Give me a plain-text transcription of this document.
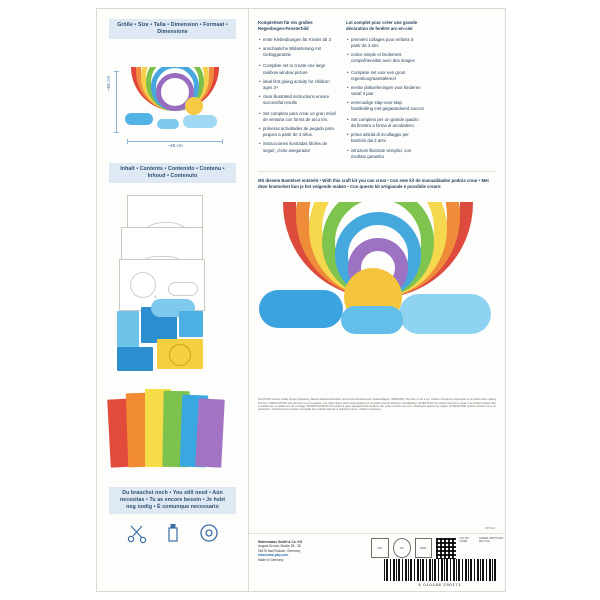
Größe • Size • Talla • Dimension • Formaat • Dimensione
~56 cm
~48 cm
Inhalt • Contents • Contenido • Contenu • Inhoud • Contenuto
A
Du brauchst noch • You still need • Aún necesitas • Tu as encore besoin • Je hebt nog nodig • È comunque necessario

Komplettset für ein großes Regenbogen-Fensterbild

• erste Klebeübungen für Kinder ab 3
• anschauliche Bildanleitung mit Gelinggarantie
• Complete set to create one large rainbow window picture
• ideal first gluing activity for children ages 3+
• clear illustrated instructions ensure successful results
• Set completo para crear un gran móvil de ventana con forma de arco iris.
• primeras actividades de pegado para peques a partir de 3 años.
• instrucciones ilustradas fáciles de seguir, ¡éxito asegurado!

Lot complet pour créer une grande décoration de fenêtre arc-en-ciel

• premiers collages pour enfants à partir de 3 ans
• notice simple et facilement compréhensible avec des images
• Complete set voor een groot regenboograamtafereel
• eerste plakoefeningen voor kinderen vanaf 3 jaar
• eenvoudige stap-voor-stap handleiding met gegarandeerd succes
• Set completo per un grande quadro da finestra a forma di arcobaleno
• prima attività di incollaggio per bambini dai 3 anni
• istruzioni illustrate semplici, con risultato garantito
Mit diesem Bastelset entsteht • With this craft kit you can creat • Con este kit de manualidades podrás crear • Met deze knutselset kun je het volgende maken • Con questo kit artigianale è possibile creare:
ACHTUNG! Dieses Artikel ist kein Spielzeug. Bauteil leitet/wird Bestehn durch einen Erwachsenen beaufschlagen. WARNING! This item is not a toy. Children should be supervised by an adult when making this item. PRECAUTION! este artículo no es un juguete. Los niños deben estar supervisados por un adulto cuando fabrican manualidades. ATTENTION! Cet article n'est pas un jouet. Les enfants doivent être surveillés par un adulte lors du montage. WAARSCHUWING! Dit artikel is geen speelgoed! De kinderen zijn onder toezicht van een volwassene tijdens het maken. ATTENZIONE! Questo articolo non è un giocattolo. I bambini devono essere sorvegliati da un adulto quando si realizza il pezzo. • Made in Germany
1572/22
Habermaass GmbH & Co. KG
August-Grosch-Straße 28 - 38
96476 Bad Rodach, Germany
www.haba-play.com
Made in Germany
FSC	GP	RESY
FSC MIX PAPER
SAMMEL WERTSTOFF RECYCLE
4 010168 290171
